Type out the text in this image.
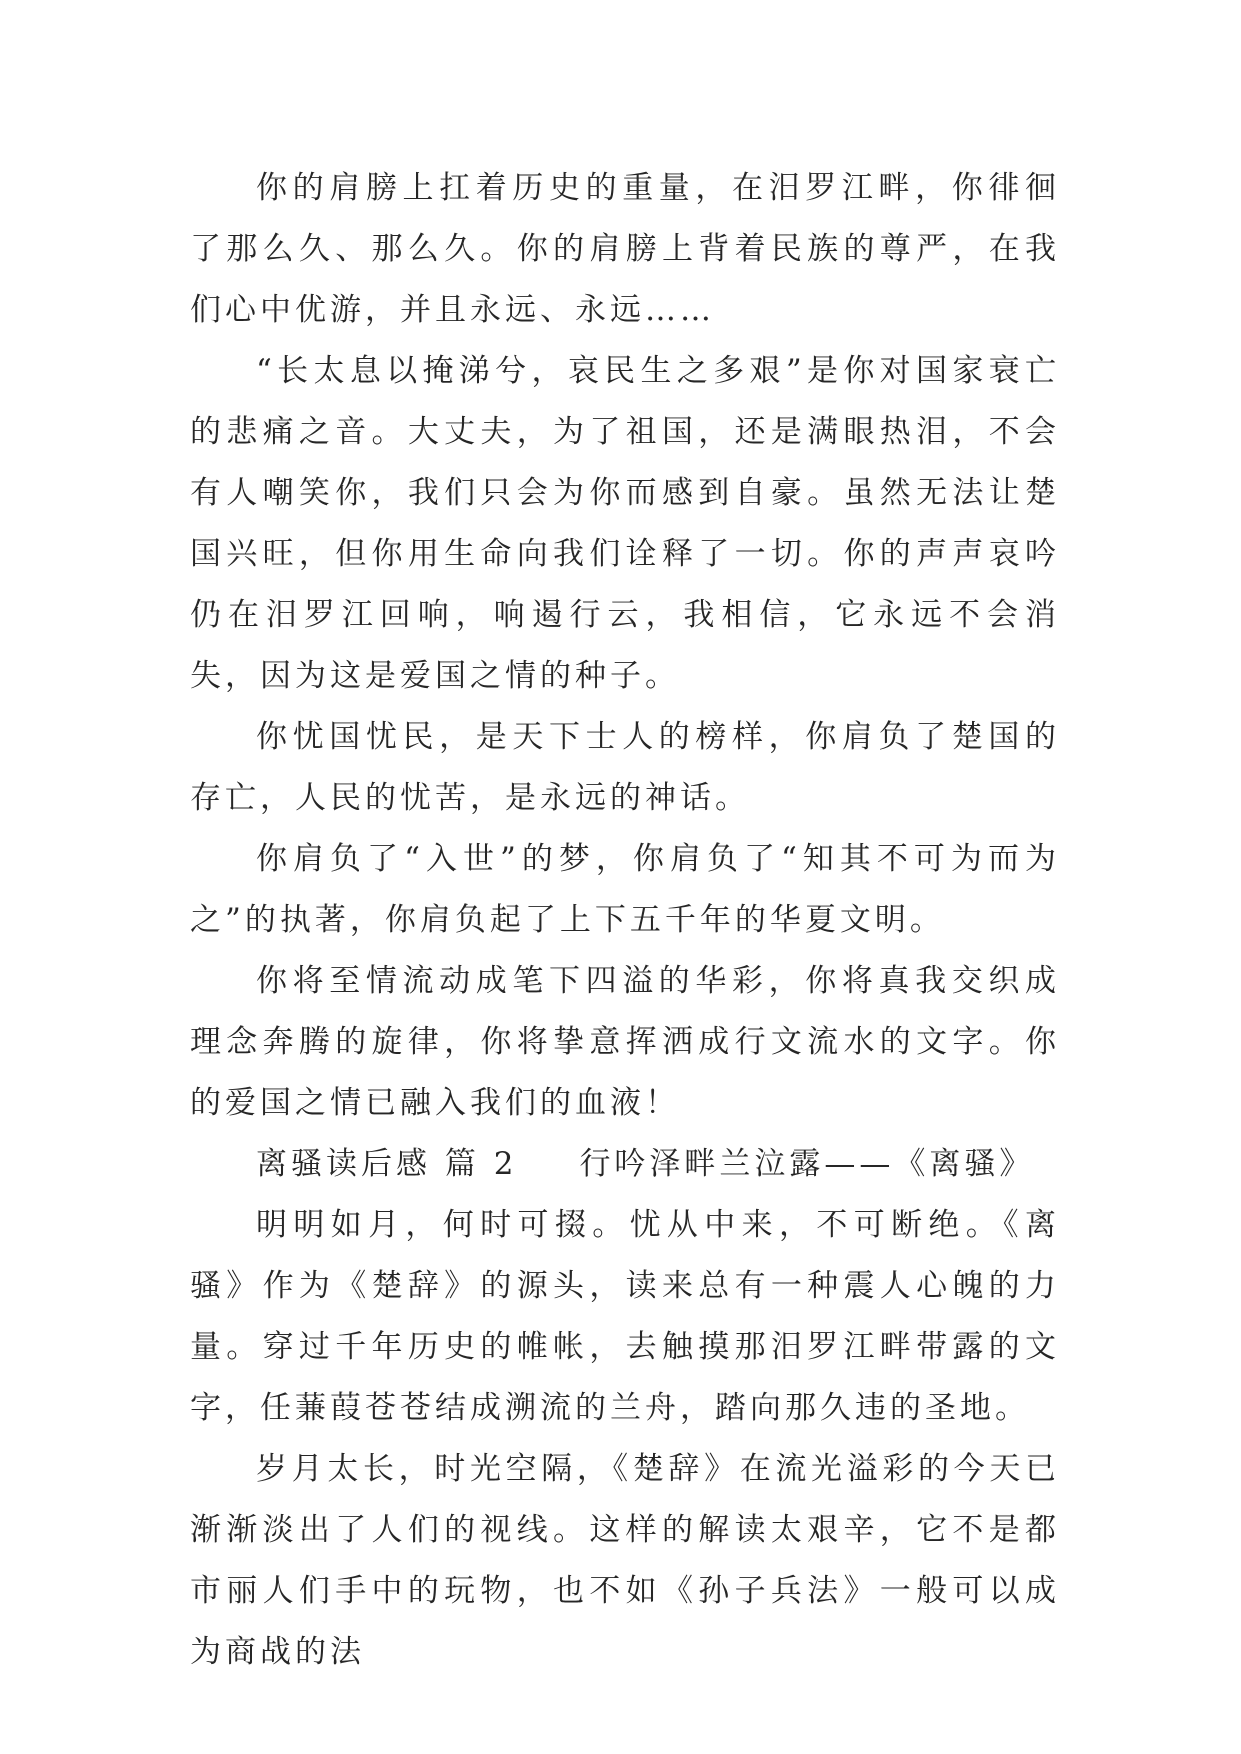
你的肩膀上扛着历史的重量，在汨罗江畔，你徘徊了那么久、那么久。你的肩膀上背着民族的尊严，在我们心中优游，并且永远、永远……

“长太息以掩涕兮，哀民生之多艰”是你对国家衰亡的悲痛之音。大丈夫，为了祖国，还是满眼热泪，不会有人嘲笑你，我们只会为你而感到自豪。虽然无法让楚国兴旺，但你用生命向我们诠释了一切。你的声声哀吟仍在汨罗江回响，响遏行云，我相信，它永远不会消失，因为这是爱国之情的种子。

你忧国忧民，是天下士人的榜样，你肩负了楚国的存亡，人民的忧苦，是永远的神话。

你肩负了“入世”的梦，你肩负了“知其不可为而为之”的执著，你肩负起了上下五千年的华夏文明。

你将至情流动成笔下四溢的华彩，你将真我交织成理念奔腾的旋律，你将挚意挥洒成行文流水的文字。你的爱国之情已融入我们的血液！

离骚读后感 篇 2 行吟泽畔兰泣露——《离骚》

明明如月，何时可掇。忧从中来，不可断绝。《离骚》作为《楚辞》的源头，读来总有一种震人心魄的力量。穿过千年历史的帷帐，去触摸那汨罗江畔带露的文字，任蒹葭苍苍结成溯流的兰舟，踏向那久违的圣地。

岁月太长，时光空隔，《楚辞》在流光溢彩的今天已渐渐淡出了人们的视线。这样的解读太艰辛，它不是都市丽人们手中的玩物，也不如《孙子兵法》一般可以成为商战的法
